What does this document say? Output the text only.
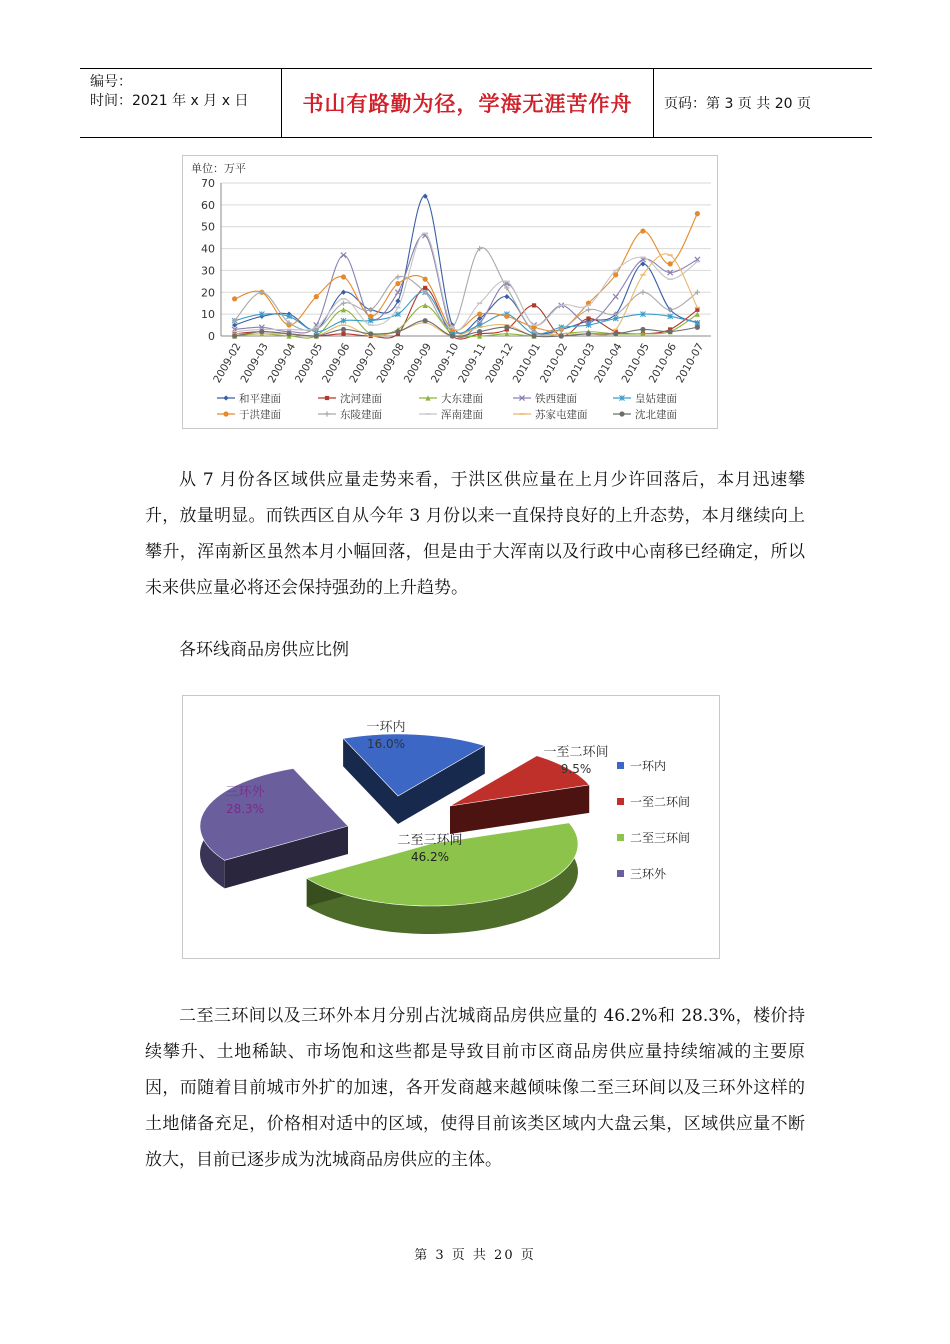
编号：
时间：2021 年 x 月 x 日	书山有路勤为径，学海无涯苦作舟	页码：第 3 页 共 20 页
单位：万平
0
10
20
30
40
50
60
70
2009-02
2009-03
2009-04
2009-05
2009-06
2009-07
2009-08
2009-09
2009-10
2009-11
2009-12
2010-01
2010-02
2010-03
2010-04
2010-05
2010-06
2010-07
和平建面	沈河建面	大东建面	铁西建面	皇姑建面
于洪建面	东陵建面	浑南建面	苏家屯建面	沈北建面

从 7 月份各区域供应量走势来看，于洪区供应量在上月少许回落后，本月迅速攀升，放量明显。而铁西区自从今年 3 月份以来一直保持良好的上升态势，本月继续向上攀升，浑南新区虽然本月小幅回落，但是由于大浑南以及行政中心南移已经确定，所以未来供应量必将还会保持强劲的上升趋势。

各环线商品房供应比例

一环内
16.0%
一至二环间
9.5%
二至三环间
46.2%
三环外
28.3%
一环内
一至二环间
二至三环间
三环外

二至三环间以及三环外本月分别占沈城商品房供应量的 46.2%和 28.3%，楼价持续攀升、土地稀缺、市场饱和这些都是导致目前市区商品房供应量持续缩减的主要原因，而随着目前城市外扩的加速，各开发商越来越倾味像二至三环间以及三环外这样的土地储备充足，价格相对适中的区域，使得目前该类区域内大盘云集，区域供应量不断放大，目前已逐步成为沈城商品房供应的主体。

第 3 页 共 20 页
